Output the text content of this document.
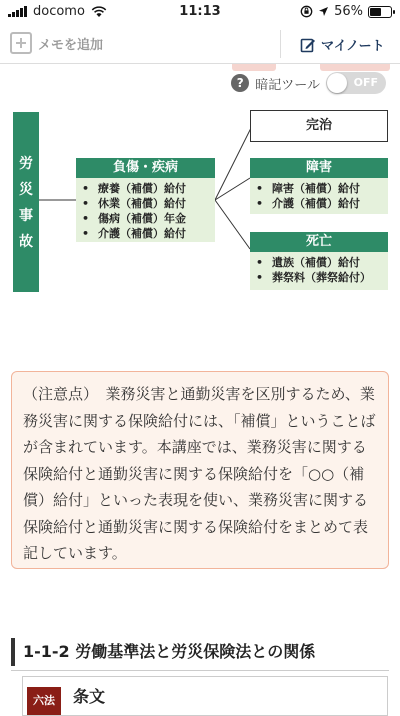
docomo	11:13	56%
メモを追加	マイノート
? 暗記ツール	OFF
労
災
事
故
負傷・疾病
• 療養（補償）給付
• 休業（補償）給付
• 傷病（補償）年金
• 介護（補償）給付
完治
障害
• 障害（補償）給付
• 介護（補償）給付
死亡
• 遺族（補償）給付
• 葬祭料（葬祭給付）
（注意点）　業務災害と通勤災害を区別するため、業務災害に関する保険給付には、「補償」ということばが含まれています。本講座では、業務災害に関する保険給付と通勤災害に関する保険給付を「○○（補償）給付」といった表現を使い、業務災害に関する保険給付と通勤災害に関する保険給付をまとめて表記しています。
1-1-2 労働基準法と労災保険法との関係
六法	条文
